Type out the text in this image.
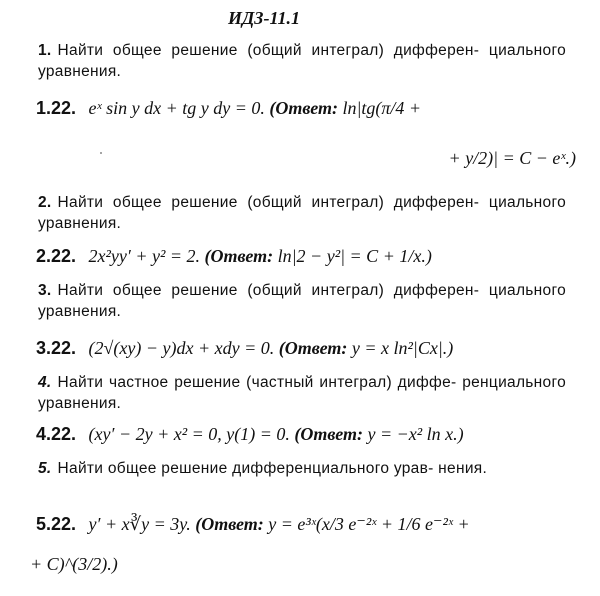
ИДЗ-11.1
1. Найти общее решение (общий интеграл) дифферен- циального уравнения.
1.22. eˣ sin y dx + tg y dy = 0. (Ответ: ln|tg(π/4 +
+ y/2)| = C − eˣ.)
2. Найти общее решение (общий интеграл) дифферен- циального уравнения.
2.22. 2x²yy′ + y² = 2. (Ответ: ln|2 − y²| = C + 1/x.)
3. Найти общее решение (общий интеграл) дифферен- циального уравнения.
3.22. (2√(xy) − y)dx + xdy = 0. (Ответ: y = x ln²|Cx|.)
4. Найти частное решение (частный интеграл) диффе- ренциального уравнения.
4.22. (xy′ − 2y + x² = 0, y(1) = 0. (Ответ: y = −x² ln x.)
5. Найти общее решение дифференциального урав- нения.
5.22. y′ + x∛y = 3y. (Ответ: y = e³ˣ(x/3 e⁻²ˣ + 1/6 e⁻²ˣ +
+ C)^(3/2).)
